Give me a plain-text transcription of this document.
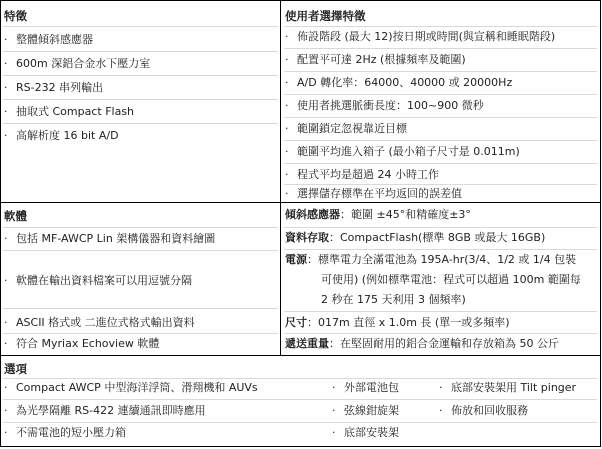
特徵
· 整體傾斜感應器
· 600m 深鋁合金水下壓力室
· RS-232 串列輸出
· 抽取式 Compact Flash
· 高解析度 16 bit A/D
使用者選擇特徵
· 佈設階段 (最大 12)按日期或時間(與宣稱和睡眠階段)
· 配置平可達 2Hz (根據頻率及範圍)
· A/D 轉化率：64000、40000 或 20000Hz
· 使用者挑選脈衝長度：100~900 微秒
· 範圍鎖定忽視靠近目標
· 範圍平均進入箱子 (最小箱子尺寸是 0.011m)
· 程式平均是超過 24 小時工作
· 選擇儲存標準在平均返回的誤差值
軟體
· 包括 MF-AWCP Lin 架構儀器和資料繪圖
· 軟體在輸出資料檔案可以用逗號分隔
· ASCII 格式或 二進位式格式輸出資料
· 符合 Myriax Echoview 軟體
傾斜感應器：範圍 ±45°和精確度±3°
資料存取：CompactFlash(標準 8GB 或最大 16GB)
電源：標準電力全滿電池為 195A-hr(3/4、1/2 或 1/4 包裝
可使用) (例如標準電池：程式可以超過 100m 範圍每
2 秒在 175 天利用 3 個頻率)
尺寸：017m 直徑 x 1.0m 長 (單一或多頻率)
遞送重量：在堅固耐用的鋁合金運輸和存放箱為 50 公斤
選項
· Compact AWCP 中型海洋浮筒、滑翔機和 AUVs	· 外部電池包	· 底部安裝架用 Tilt pinger
· 為光學隔離 RS-422 連續通訊即時應用	· 弦線鉗旋架	· 佈放和回收服務
· 不需電池的短小壓力箱	· 底部安裝架
